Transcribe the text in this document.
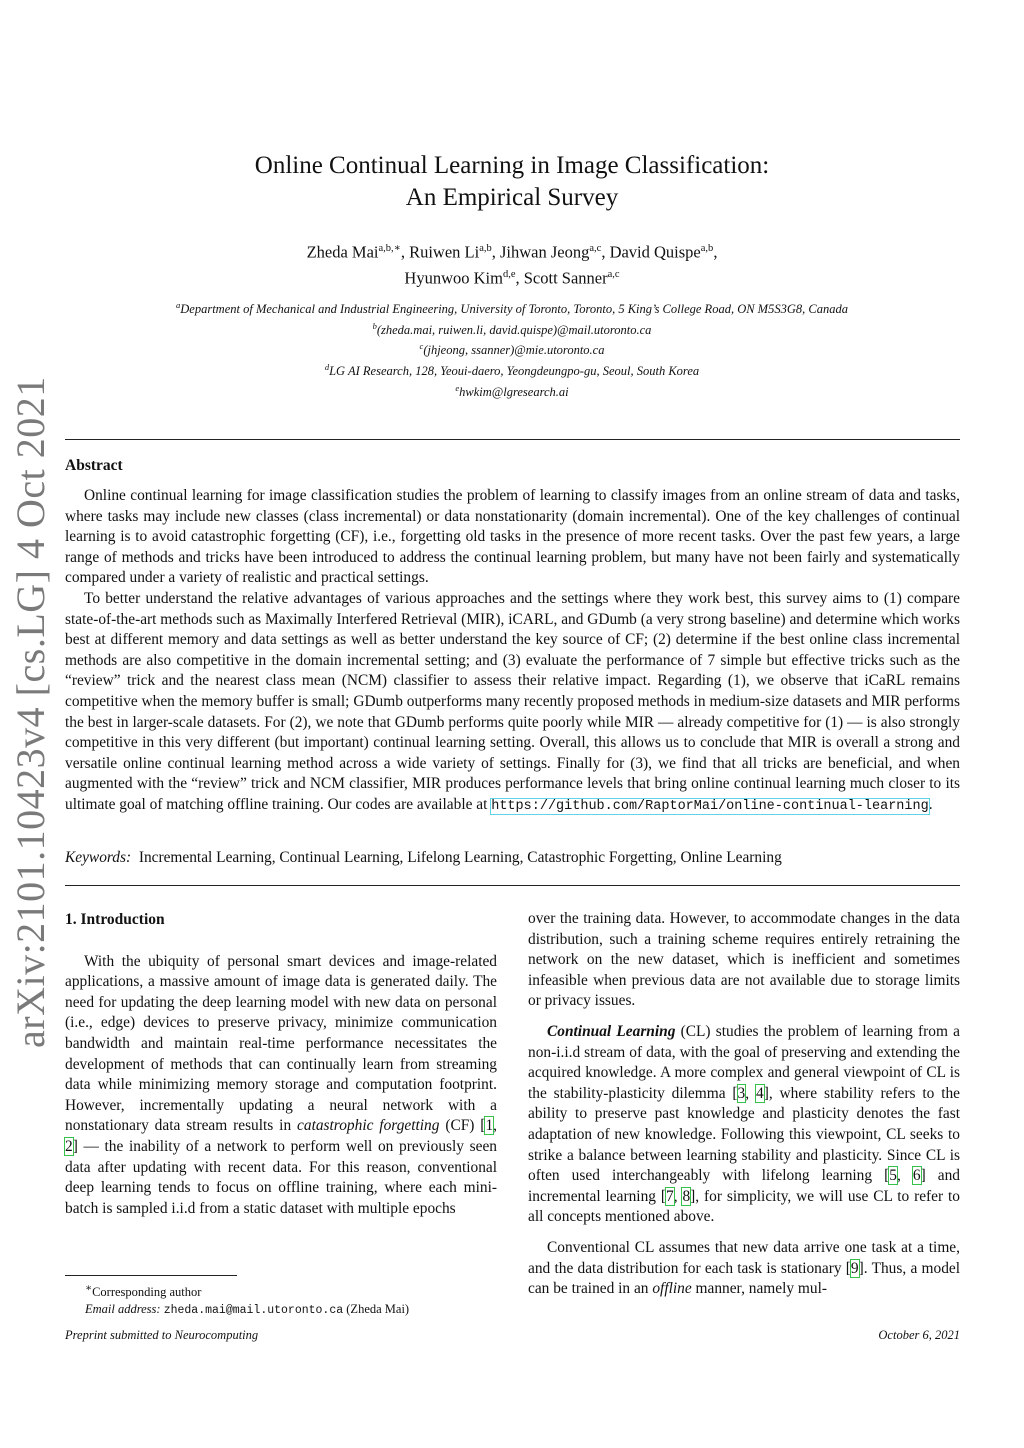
arXiv:2101.10423v4 [cs.LG] 4 Oct 2021
Online Continual Learning in Image Classification:
An Empirical Survey
Zheda Mai$^{a,b,∗}$, Ruiwen Li$^{a,b}$, Jihwan Jeong$^{a,c}$, David Quispe$^{a,b}$,
Hyunwoo Kim$^{d,e}$, Scott Sanner$^{a,c}$
$^a$Department of Mechanical and Industrial Engineering, University of Toronto, Toronto, 5 King’s College Road, ON M5S3G8, Canada
$^b$(zheda.mai, ruiwen.li, david.quispe)@mail.utoronto.ca
$^c$(jhjeong, ssanner)@mie.utoronto.ca
$^d$LG AI Research, 128, Yeoui-daero, Yeongdeungpo-gu, Seoul, South Korea
$^e$hwkim@lgresearch.ai
Abstract

Online continual learning for image classification studies the problem of learning to classify images from an online stream of data and tasks, where tasks may include new classes (class incremental) or data nonstationarity (domain incremental). One of the key challenges of continual learning is to avoid catastrophic forgetting (CF), i.e., forgetting old tasks in the presence of more recent tasks. Over the past few years, a large range of methods and tricks have been introduced to address the continual learning problem, but many have not been fairly and systematically compared under a variety of realistic and practical settings.

To better understand the relative advantages of various approaches and the settings where they work best, this survey aims to (1) compare state-of-the-art methods such as Maximally Interfered Retrieval (MIR), iCARL, and GDumb (a very strong baseline) and determine which works best at different memory and data settings as well as better understand the key source of CF; (2) determine if the best online class incremental methods are also competitive in the domain incremental setting; and (3) evaluate the performance of 7 simple but effective tricks such as the “review” trick and the nearest class mean (NCM) classifier to assess their relative impact. Regarding (1), we observe that iCaRL remains competitive when the memory buffer is small; GDumb outperforms many recently proposed methods in medium-size datasets and MIR performs the best in larger-scale datasets. For (2), we note that GDumb performs quite poorly while MIR — already competitive for (1) — is also strongly competitive in this very different (but important) continual learning setting. Overall, this allows us to conclude that MIR is overall a strong and versatile online continual learning method across a wide variety of settings. Finally for (3), we find that all tricks are beneficial, and when augmented with the “review” trick and NCM classifier, MIR produces performance levels that bring online continual learning much closer to its ultimate goal of matching offline training. Our codes are available at https://github.com/RaptorMai/online-continual-learning.

Keywords: Incremental Learning, Continual Learning, Lifelong Learning, Catastrophic Forgetting, Online Learning

1. Introduction

With the ubiquity of personal smart devices and image-related applications, a massive amount of image data is generated daily. The need for updating the deep learning model with new data on personal (i.e., edge) devices to preserve privacy, minimize communication bandwidth and maintain real-time performance necessitates the development of methods that can continually learn from streaming data while minimizing memory storage and computation footprint. However, incrementally updating a neural network with a nonstationary data stream results in catastrophic forgetting (CF) [1, 2] — the inability of a network to perform well on previously seen data after updating with recent data. For this reason, conventional deep learning tends to focus on offline training, where each mini-batch is sampled i.i.d from a static dataset with multiple epochs

over the training data. However, to accommodate changes in the data distribution, such a training scheme requires entirely retraining the network on the new dataset, which is inefficient and sometimes infeasible when previous data are not available due to storage limits or privacy issues.

Continual Learning (CL) studies the problem of learning from a non-i.i.d stream of data, with the goal of preserving and extending the acquired knowledge. A more complex and general viewpoint of CL is the stability-plasticity dilemma [3, 4], where stability refers to the ability to preserve past knowledge and plasticity denotes the fast adaptation of new knowledge. Following this viewpoint, CL seeks to strike a balance between learning stability and plasticity. Since CL is often used interchangeably with lifelong learning [5, 6] and incremental learning [7, 8], for simplicity, we will use CL to refer to all concepts mentioned above.

Conventional CL assumes that new data arrive one task at a time, and the data distribution for each task is stationary [9]. Thus, a model can be trained in an offline manner, namely mul-

∗Corresponding author
Email address: zheda.mai@mail.utoronto.ca (Zheda Mai)
Preprint submitted to Neurocomputing	October 6, 2021
